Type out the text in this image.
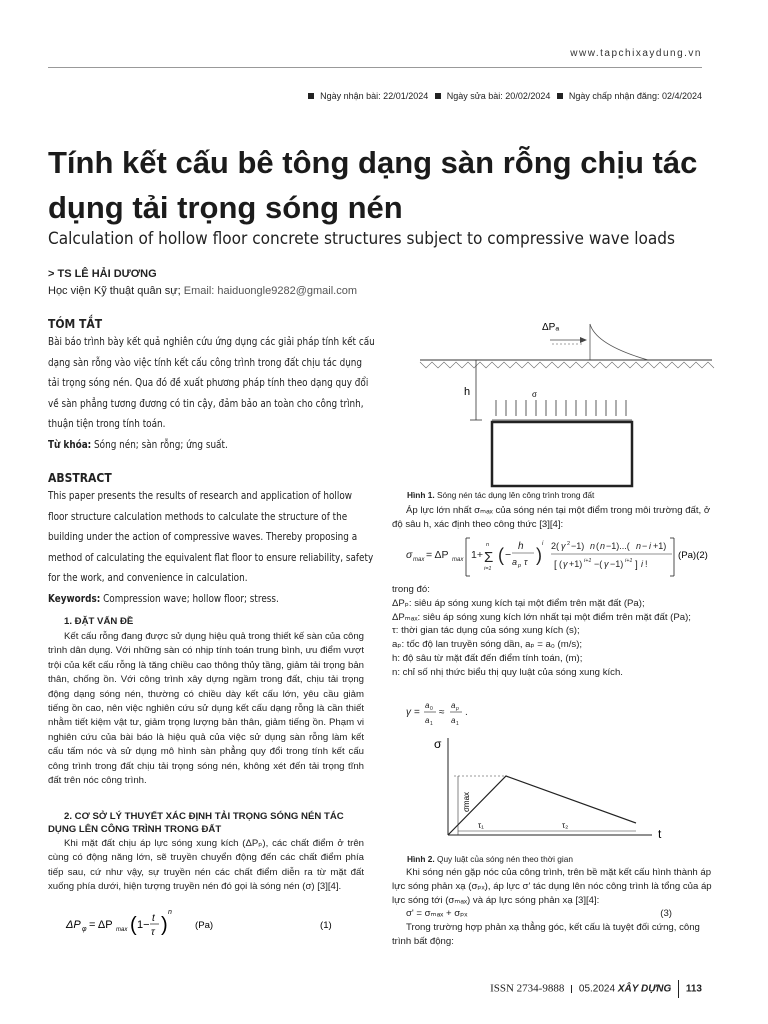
www.tapchixaydung.vn
Ngày nhận bài: 22/01/2024 Ngày sửa bài: 20/02/2024 Ngày chấp nhận đăng: 02/4/2024
Tính kết cấu bê tông dạng sàn rỗng chịu tác dụng tải trọng sóng nén
Calculation of hollow floor concrete structures subject to compressive wave loads
> TS LÊ HẢI DƯƠNG
Học viện Kỹ thuật quân sự; Email: haiduongle9282@gmail.com
TÓM TẮT
Bài báo trình bày kết quả nghiên cứu ứng dụng các giải pháp tính kết cấu dạng sàn rỗng vào việc tính kết cấu công trình trong đất chịu tác dụng tải trọng sóng nén. Qua đó đề xuất phương pháp tính theo dạng quy đổi về sàn phẳng tương đương có tin cậy, đảm bảo an toàn cho công trình, thuận tiện trong tính toán.
Từ khóa: Sóng nén; sàn rỗng; ứng suất.
ABSTRACT
This paper presents the results of research and application of hollow floor structure calculation methods to calculate the structure of the building under the action of compressive waves. Thereby proposing a method of calculating the equivalent flat floor to ensure reliability, safety for the work, and convenience in calculation.
Keywords: Compression wave; hollow floor; stress.
1. ĐẶT VẤN ĐỀ

Kết cấu rỗng đang được sử dụng hiệu quả trong thiết kế sàn của công trình dân dụng. Với những sàn có nhịp tính toán trung bình, ưu điểm vượt trội của kết cấu rỗng là tăng chiều cao thông thủy tầng, giảm tải trọng bản thân, chống ồn. Với công trình xây dựng ngầm trong đất, chịu tải trọng động dạng sóng nén, thường có chiều dày kết cấu lớn, yêu cầu giảm tiếng ồn cao, nên việc nghiên cứu sử dụng kết cấu dạng rỗng là cần thiết nhằm tiết kiệm vật tư, giảm trọng lượng bản thân, giảm tiếng ồn. Phạm vi nghiên cứu của bài báo là hiệu quả của việc sử dụng sàn rỗng làm kết cấu tấm nóc và sử dụng mô hình sàn phẳng quy đổi trong tính kết cấu công trình trong đất chịu tải trọng sóng nén, không xét đến tải trọng tĩnh đất trên nóc công trình.

2. CƠ SỞ LÝ THUYẾT XÁC ĐỊNH TẢI TRỌNG SÓNG NÉN TÁC DỤNG LÊN CÔNG TRÌNH TRONG ĐẤT

Khi mặt đất chịu áp lực sóng xung kích (ΔPₚ), các chất điểm ở trên cùng có động năng lớn, sẽ truyền chuyển động đến các chất điểm phía tiếp sau, cứ như vậy, sự truyền nén các chất điểm diễn ra từ mặt đất xuống phía dưới, hiện tượng truyền nén đó gọi là sóng nén (σ) [3][4].

ΔP φ = ΔP max ( 1−
t
τ )
n
(Pa)	(1)
ΔPₐ
h	σ
Hình 1. Sóng nén tác dụng lên công trình trong đất

Áp lực lớn nhất σₘₐₓ của sóng nén tại một điểm trong môi trường đất, ở độ sâu h, xác định theo công thức [3][4]:

σ max = ΔP max 1+ Σ
n
i=1
( −
h
a p τ )
i 2( γ 2 −1) n ( n −1)...( n − i +1)
[ ( γ +1) i+1 −( γ −1) i+1 ] i !
(Pa)(2)

trong đó:

ΔPₚ: siêu áp sóng xung kích tại một điểm trên mặt đất (Pa);

ΔPₘₐₓ: siêu áp sóng xung kích lớn nhất tại một điểm trên mặt đất (Pa);

τ: thời gian tác dụng của sóng xung kích (s);

aₚ: tốc độ lan truyền sóng dần, aₚ = a₀ (m/s);

h: độ sâu từ mặt đất đến điểm tính toán, (m);

n: chỉ số nhị thức biểu thị quy luật của sóng xung kích.

γ =
a 0
a 1
≈
a p
a 1
.
σ
t
σmax
τ₁	τ₂
Hình 2. Quy luật của sóng nén theo thời gian

Khi sóng nén gặp nóc của công trình, trên bề mặt kết cấu hình thành áp lực sóng phản xạ (σₚₓ), áp lực σ' tác dụng lên nóc công trình là tổng của áp lực sóng tới (σₘₐₓ) và áp lực sóng phản xạ [3][4]:

σ' = σₘₐₓ + σₚₓ	(3)

Trong trường hợp phản xạ thẳng góc, kết cấu là tuyệt đối cứng, công trình bất động:

ISSN 2734-9888 05.2024 XÂY DỰNG 113
